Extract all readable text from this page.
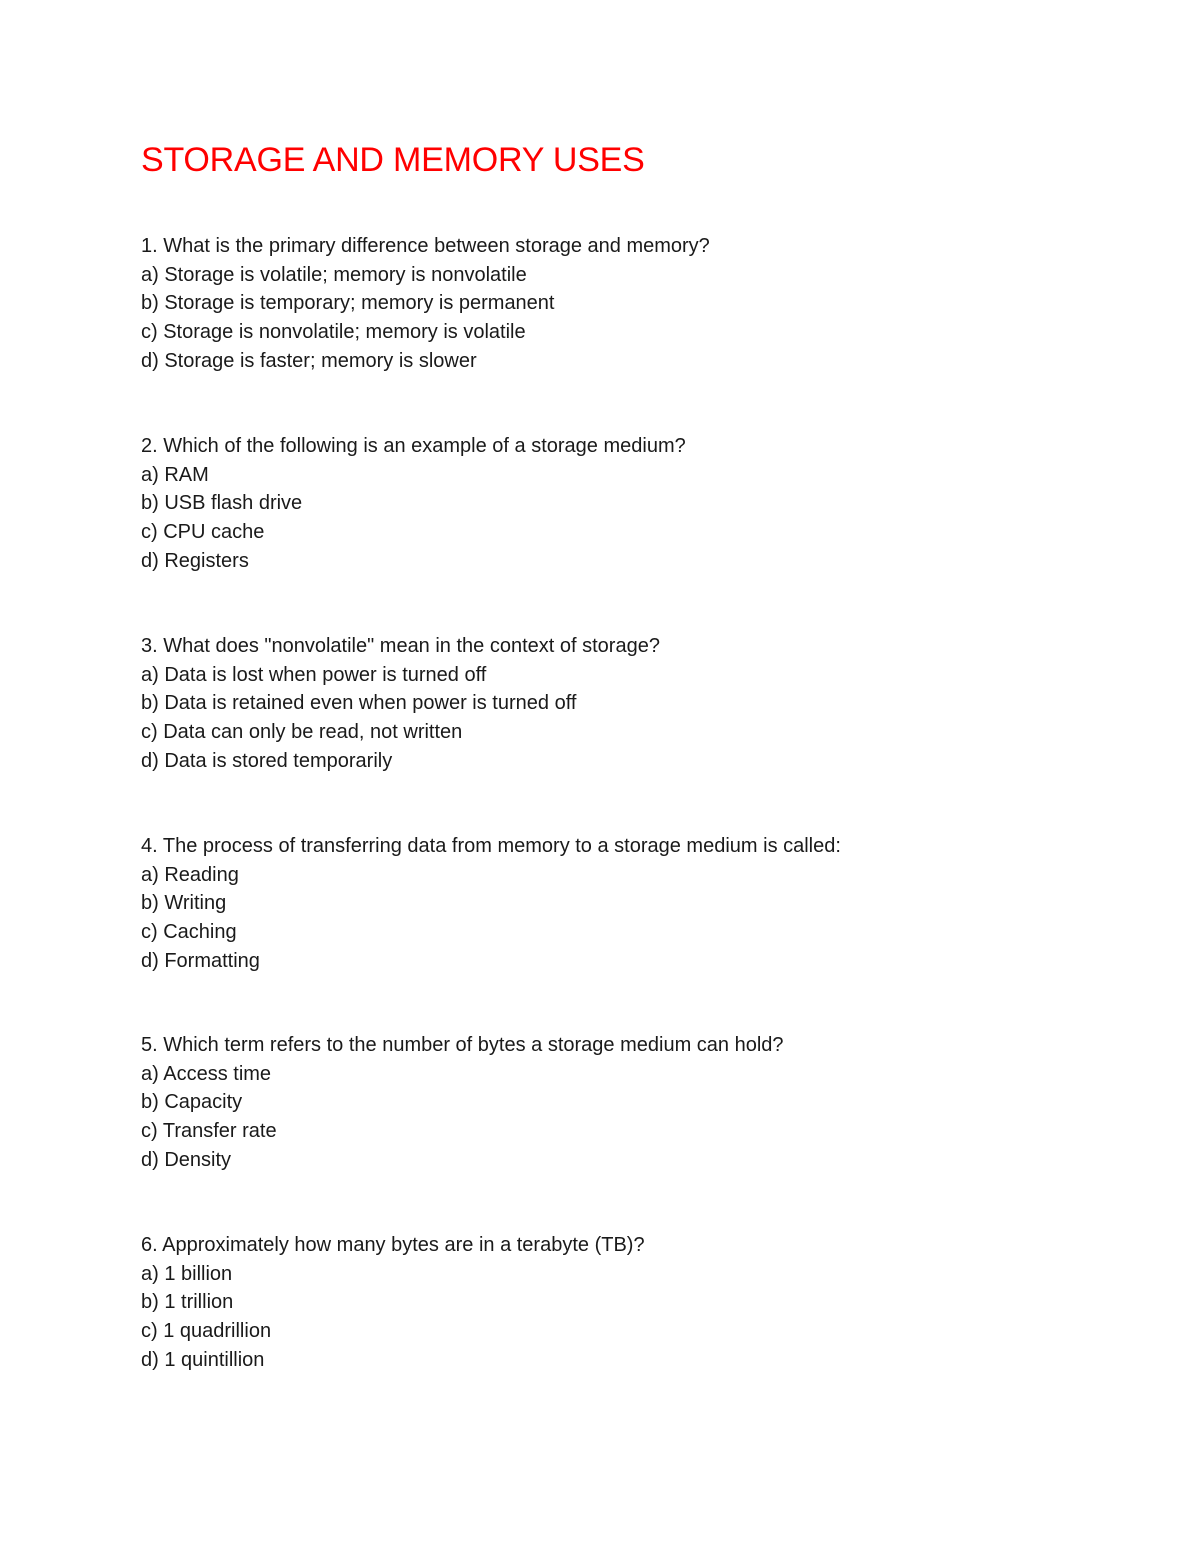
STORAGE AND MEMORY USES

1. What is the primary difference between storage and memory?

a) Storage is volatile; memory is nonvolatile

b) Storage is temporary; memory is permanent

c) Storage is nonvolatile; memory is volatile

d) Storage is faster; memory is slower

2. Which of the following is an example of a storage medium?

a) RAM

b) USB flash drive

c) CPU cache

d) Registers

3. What does "nonvolatile" mean in the context of storage?

a) Data is lost when power is turned off

b) Data is retained even when power is turned off

c) Data can only be read, not written

d) Data is stored temporarily

4. The process of transferring data from memory to a storage medium is called:

a) Reading

b) Writing

c) Caching

d) Formatting

5. Which term refers to the number of bytes a storage medium can hold?

a) Access time

b) Capacity

c) Transfer rate

d) Density

6. Approximately how many bytes are in a terabyte (TB)?

a) 1 billion

b) 1 trillion

c) 1 quadrillion

d) 1 quintillion
